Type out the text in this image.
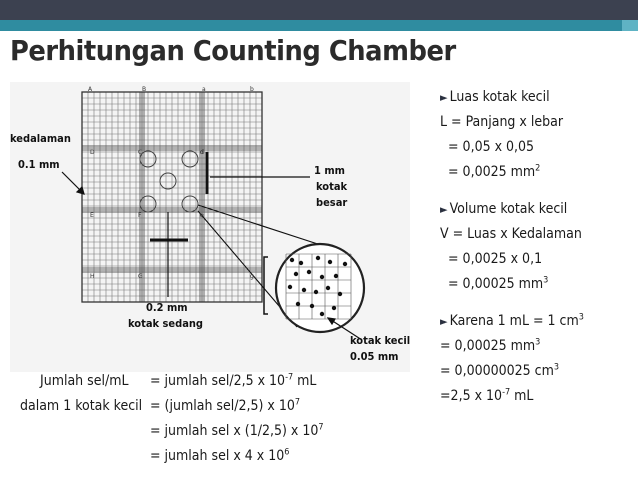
Perhitungan Counting Chamber
A	B	a	b
D
E
H
C
F
G
d
e
g
kedalaman
0.1 mm	1 mm
kotak
besar
0.2 mm
kotak sedang
kotak kecil
0.05 mm
► Luas kotak kecil
L = Panjang x lebar
= 0,05 x 0,05
= 0,0025 $mm^2$
► Volume kotak kecil
V = Luas x Kedalaman
= 0,0025 x 0,1
= 0,00025 $mm^3$
► Karena 1 mL = 1 $cm^3$
= 0,00025 $mm^3$
= 0,00000025 $cm^3$
=2,5 x $10^{-7}$ mL
Jumlah sel/mL
dalam 1 kotak kecil
= jumlah sel/2,5 x $10^{-7}$ mL
= (jumlah sel/2,5) x $10^7$
= jumlah sel x (1/2,5) x $10^7$
= jumlah sel x 4 x $10^6$
